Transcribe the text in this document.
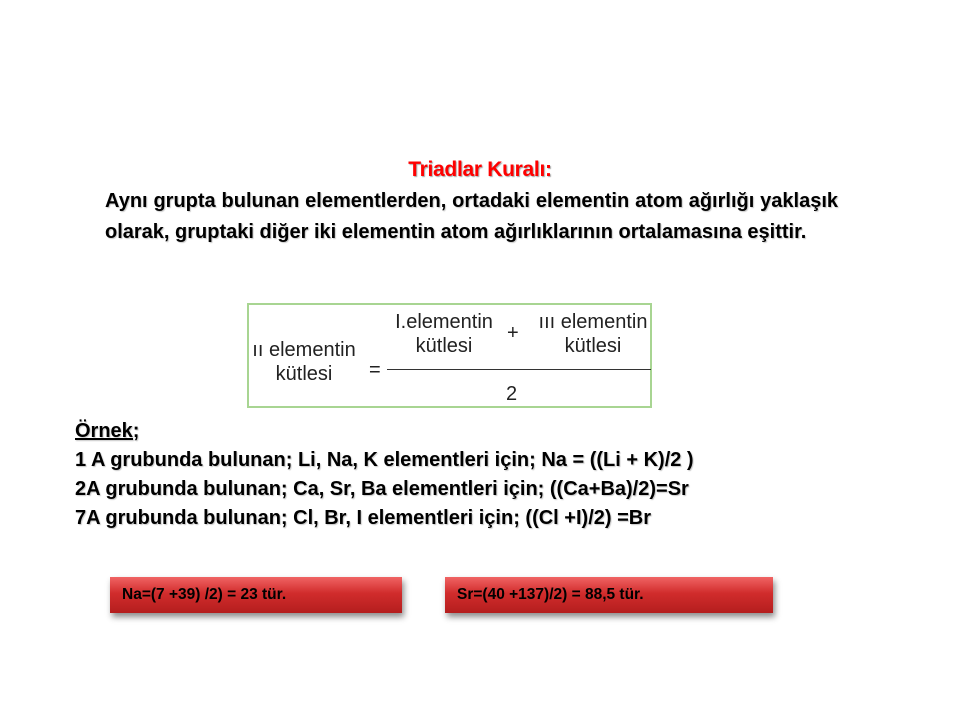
Triadlar Kuralı:

Aynı grupta bulunan elementlerden, ortadaki elementin atom ağırlığı yaklaşık olarak, gruptaki diğer iki elementin atom ağırlıklarının ortalamasına eşittir.

ıı elementin
kütlesi	=
I.elementin
kütlesi
+ ııı elementin
kütlesi
2
Örnek;
1 A grubunda bulunan; Li, Na, K elementleri için; Na = ((Li + K)/2 )
2A grubunda bulunan; Ca, Sr, Ba elementleri için; ((Ca+Ba)/2)=Sr
7A grubunda bulunan; Cl, Br, I elementleri için; ((Cl +I)/2) =Br
Na=(7 +39) /2) = 23 tür.	Sr=(40 +137)/2) = 88,5 tür.
